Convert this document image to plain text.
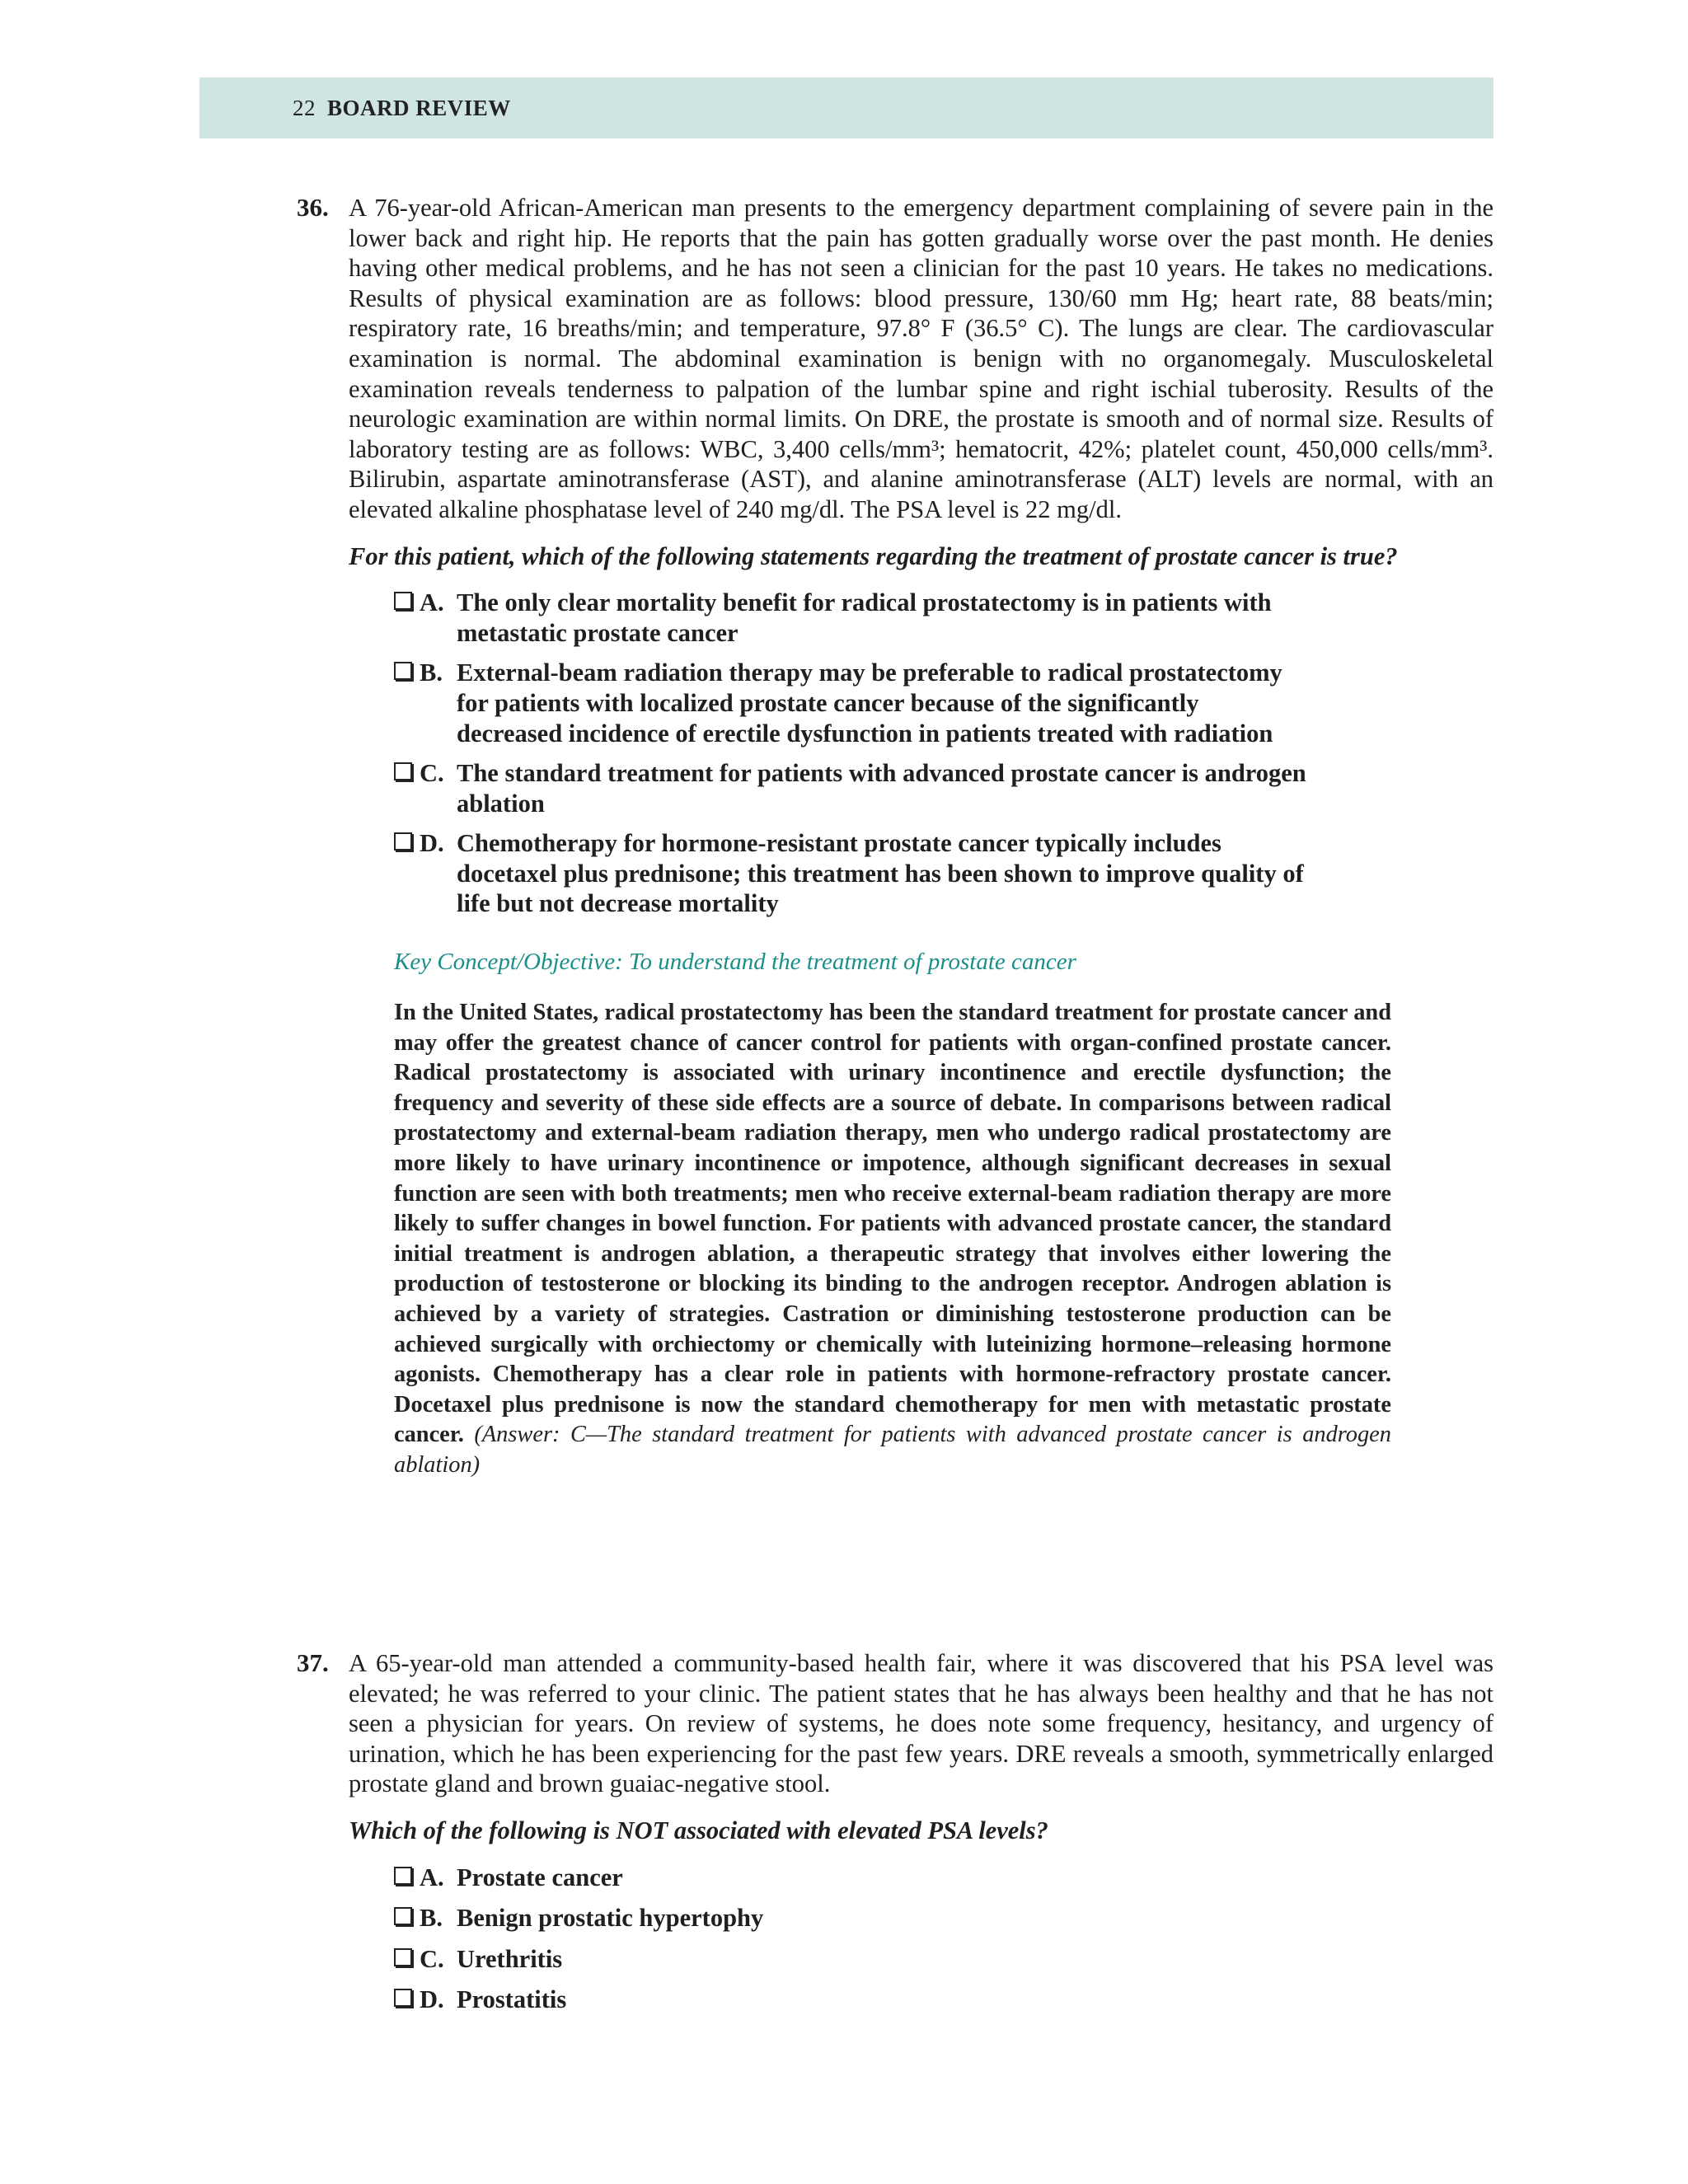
22 BOARD REVIEW
36. A 76-year-old African-American man presents to the emergency department complaining of severe pain in the lower back and right hip. He reports that the pain has gotten gradually worse over the past month. He denies having other medical problems, and he has not seen a clinician for the past 10 years. He takes no medications. Results of physical examination are as follows: blood pressure, 130/60 mm Hg; heart rate, 88 beats/min; respiratory rate, 16 breaths/min; and temperature, 97.8° F (36.5° C). The lungs are clear. The cardiovascular examination is normal. The abdominal examination is benign with no organomegaly. Musculoskeletal examination reveals tenderness to palpation of the lumbar spine and right ischial tuberosity. Results of the neurologic examination are within normal limits. On DRE, the prostate is smooth and of normal size. Results of laboratory testing are as follows: WBC, 3,400 cells/mm³; hematocrit, 42%; platelet count, 450,000 cells/mm³. Bilirubin, aspartate aminotransferase (AST), and alanine aminotransferase (ALT) levels are normal, with an elevated alkaline phosphatase level of 240 mg/dl. The PSA level is 22 mg/dl.
For this patient, which of the following statements regarding the treatment of prostate cancer is true?
A. The only clear mortality benefit for radical prostatectomy is in patients with metastatic prostate cancer
B. External-beam radiation therapy may be preferable to radical prostatectomy for patients with localized prostate cancer because of the significantly decreased incidence of erectile dysfunction in patients treated with radiation
C. The standard treatment for patients with advanced prostate cancer is androgen ablation
D. Chemotherapy for hormone-resistant prostate cancer typically includes docetaxel plus prednisone; this treatment has been shown to improve quality of life but not decrease mortality
Key Concept/Objective: To understand the treatment of prostate cancer
In the United States, radical prostatectomy has been the standard treatment for prostate cancer and may offer the greatest chance of cancer control for patients with organ-confined prostate cancer. Radical prostatectomy is associated with urinary incontinence and erectile dysfunction; the frequency and severity of these side effects are a source of debate. In comparisons between radical prostatectomy and external-beam radiation therapy, men who undergo radical prostatectomy are more likely to have urinary incontinence or impotence, although significant decreases in sexual function are seen with both treatments; men who receive external-beam radiation therapy are more likely to suffer changes in bowel function. For patients with advanced prostate cancer, the standard initial treatment is androgen ablation, a therapeutic strategy that involves either lowering the production of testosterone or blocking its binding to the androgen receptor. Androgen ablation is achieved by a variety of strategies. Castration or diminishing testosterone production can be achieved surgically with orchiectomy or chemically with luteinizing hormone–releasing hormone agonists. Chemotherapy has a clear role in patients with hormone-refractory prostate cancer. Docetaxel plus prednisone is now the standard chemotherapy for men with metastatic prostate cancer. (Answer: C—The standard treatment for patients with advanced prostate cancer is androgen ablation)
37. A 65-year-old man attended a community-based health fair, where it was discovered that his PSA level was elevated; he was referred to your clinic. The patient states that he has always been healthy and that he has not seen a physician for years. On review of systems, he does note some frequency, hesitancy, and urgency of urination, which he has been experiencing for the past few years. DRE reveals a smooth, symmetrically enlarged prostate gland and brown guaiac-negative stool.
Which of the following is NOT associated with elevated PSA levels?
A. Prostate cancer
B. Benign prostatic hypertophy
C. Urethritis
D. Prostatitis
